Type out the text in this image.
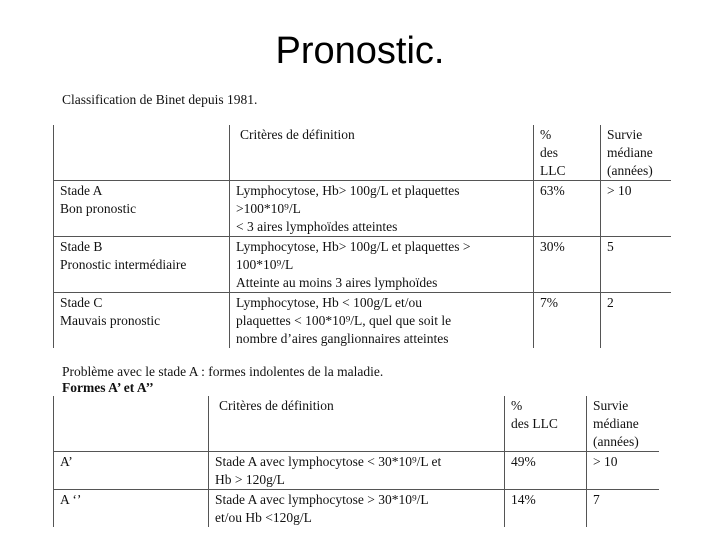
Pronostic.
Classification de Binet depuis 1981.
	Critères de définition	%
des
LLC	Survie
médiane
(années)

Stade A
Bon pronostic	Lymphocytose, Hb> 100g/L et plaquettes
>100*10⁹/L
< 3 aires lymphoïdes atteintes	63%	> 10

Stade B
Pronostic intermédiaire	Lymphocytose, Hb> 100g/L et plaquettes >
100*10⁹/L
Atteinte au moins 3 aires lymphoïdes	30%	5

Stade C
Mauvais pronostic	Lymphocytose, Hb < 100g/L et/ou
plaquettes < 100*10⁹/L, quel que soit le
nombre d’aires ganglionnaires atteintes	7%	2
Problème avec le stade A : formes indolentes de la maladie.
Formes A’ et A’’
	Critères de définition	%
des LLC	Survie
médiane
(années)

A’	Stade A avec lymphocytose < 30*10⁹/L et
Hb > 120g/L	49%	> 10
A ‘’	Stade A avec lymphocytose > 30*10⁹/L
et/ou Hb <120g/L	14%	7
